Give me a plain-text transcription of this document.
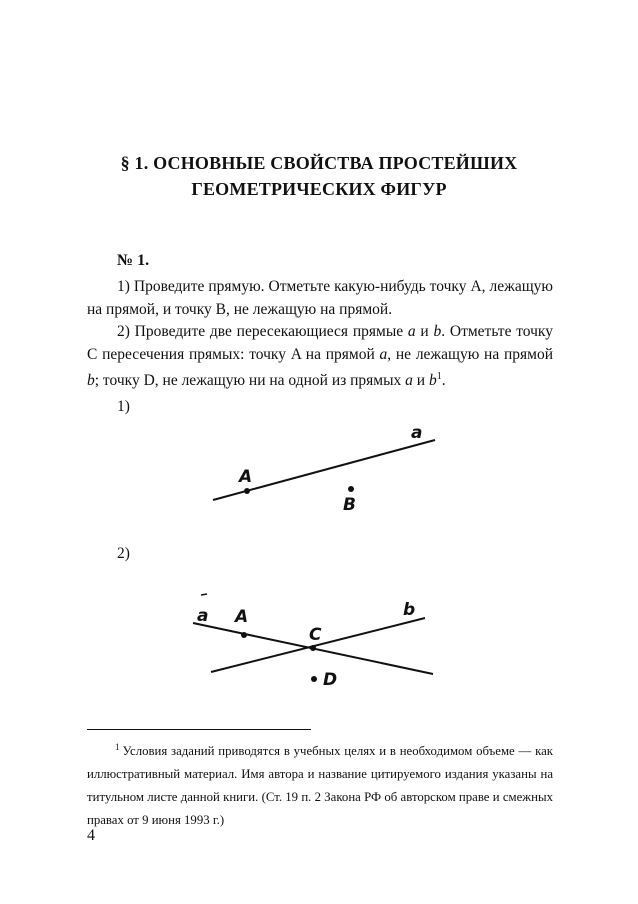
§ 1. ОСНОВНЫЕ СВОЙСТВА ПРОСТЕЙШИХ
ГЕОМЕТРИЧЕСКИХ ФИГУР
№ 1.
1) Проведите прямую. Отметьте какую-нибудь точку A, лежащую на прямой, и точку B, не лежащую на прямой.
2) Проведите две пересекающиеся прямые a и b. Отметьте точку C пересечения прямых: точку A на прямой a, не лежащую на прямой b; точку D, не лежащую ни на одной из прямых a и b$^1$.
1)
A
B
a
2)
a A
C
D
b
$^1$ Условия заданий приводятся в учебных целях и в необходимом объеме — как иллюстративный материал. Имя автора и название цитируемого издания указаны на титульном листе данной книги. (Ст. 19 п. 2 Закона РФ об авторском праве и смежных правах от 9 июня 1993 г.)
4
